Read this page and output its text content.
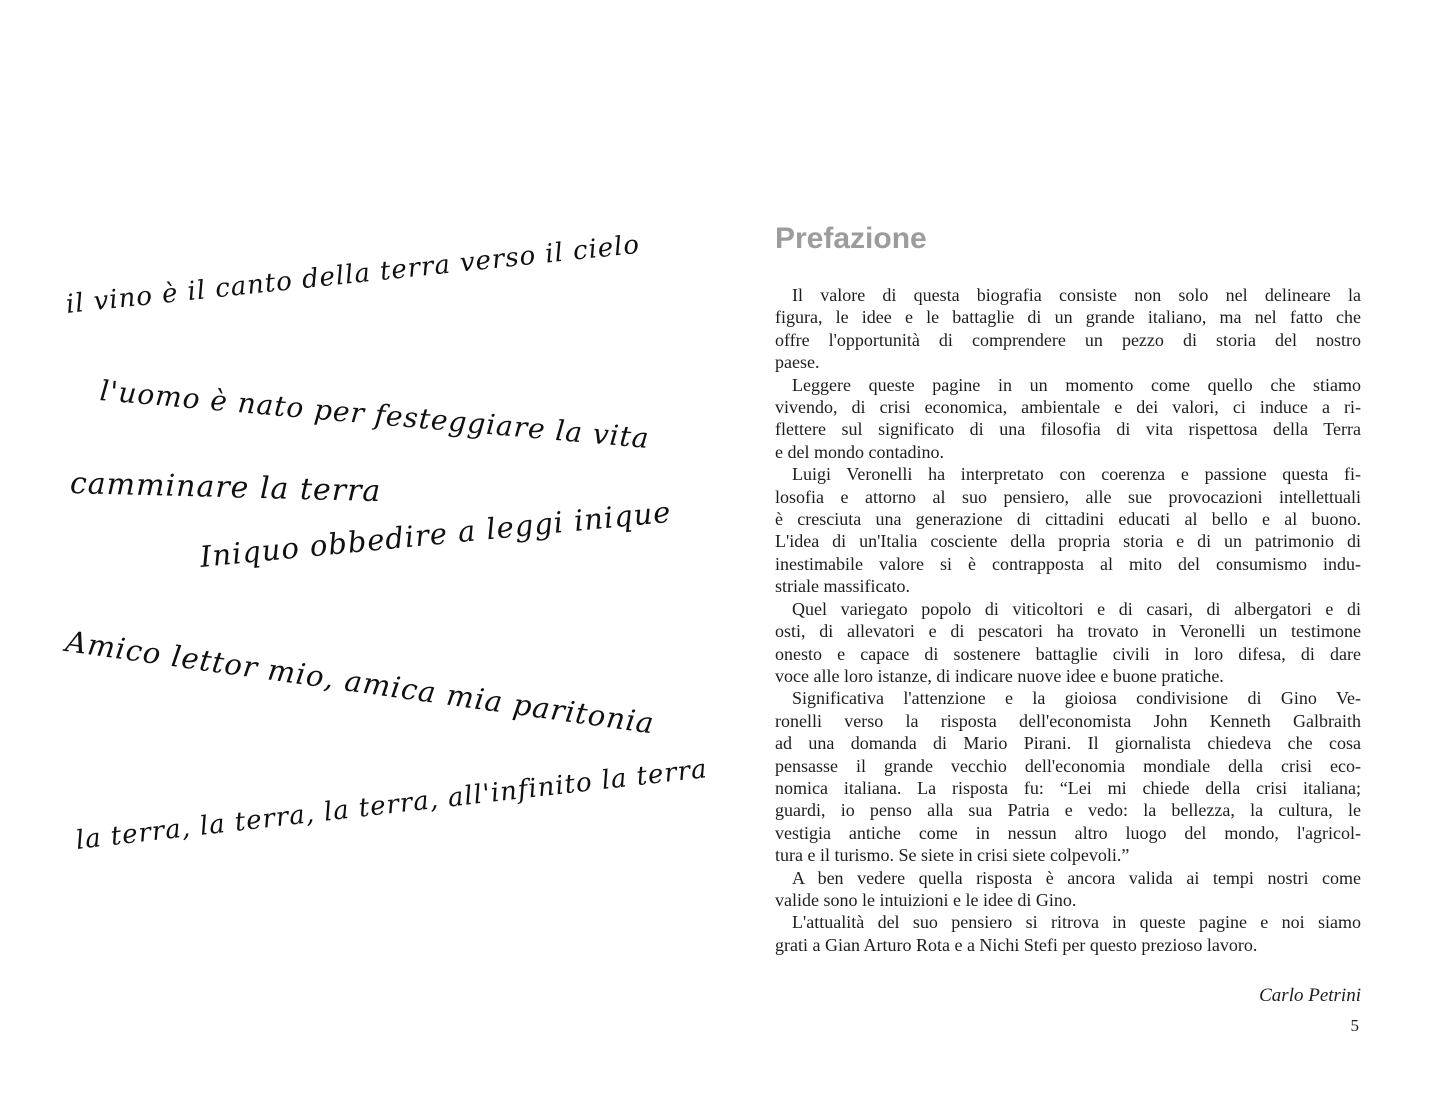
il vino è il canto della terra verso il cielo
l'uomo è nato per festeggiare la vita
camminare la terra
Iniquo obbedire a leggi inique
Amico lettor mio, amica mia paritonia
la terra, la terra, la terra, all'infinito la terra
Prefazione
Il valore di questa biografia consiste non solo nel delineare la
figura, le idee e le battaglie di un grande italiano, ma nel fatto che
offre l'opportunità di comprendere un pezzo di storia del nostro
paese.
Leggere queste pagine in un momento come quello che stiamo
vivendo, di crisi economica, ambientale e dei valori, ci induce a ri-
flettere sul significato di una filosofia di vita rispettosa della Terra
e del mondo contadino.
Luigi Veronelli ha interpretato con coerenza e passione questa fi-
losofia e attorno al suo pensiero, alle sue provocazioni intellettuali
è cresciuta una generazione di cittadini educati al bello e al buono.
L'idea di un'Italia cosciente della propria storia e di un patrimonio di
inestimabile valore si è contrapposta al mito del consumismo indu-
striale massificato.
Quel variegato popolo di viticoltori e di casari, di albergatori e di
osti, di allevatori e di pescatori ha trovato in Veronelli un testimone
onesto e capace di sostenere battaglie civili in loro difesa, di dare
voce alle loro istanze, di indicare nuove idee e buone pratiche.
Significativa l'attenzione e la gioiosa condivisione di Gino Ve-
ronelli verso la risposta dell'economista John Kenneth Galbraith
ad una domanda di Mario Pirani. Il giornalista chiedeva che cosa
pensasse il grande vecchio dell'economia mondiale della crisi eco-
nomica italiana. La risposta fu: “Lei mi chiede della crisi italiana;
guardi, io penso alla sua Patria e vedo: la bellezza, la cultura, le
vestigia antiche come in nessun altro luogo del mondo, l'agricol-
tura e il turismo. Se siete in crisi siete colpevoli.”
A ben vedere quella risposta è ancora valida ai tempi nostri come
valide sono le intuizioni e le idee di Gino.
L'attualità del suo pensiero si ritrova in queste pagine e noi siamo
grati a Gian Arturo Rota e a Nichi Stefi per questo prezioso lavoro.
Carlo Petrini
5
